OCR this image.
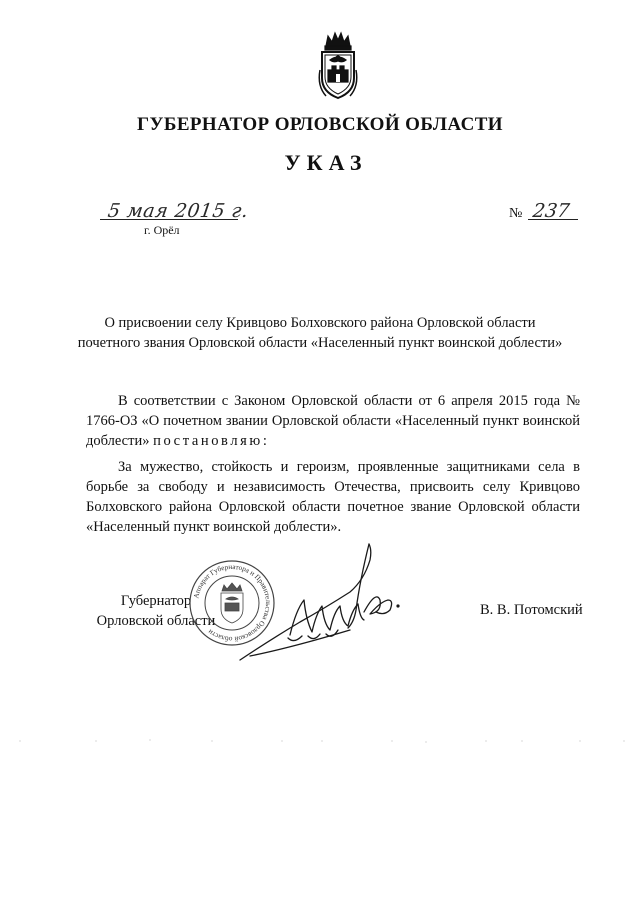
ГУБЕРНАТОР ОРЛОВСКОЙ ОБЛАСТИ
УКАЗ
5 мая 2015 г.
г. Орёл
№ 237
О присвоении селу Кривцово Болховского района Орловской области
почетного звания Орловской области «Населенный пункт воинской доблести»
В соответствии с Законом Орловской области от 6 апреля 2015 года № 1766-ОЗ «О почетном звании Орловской области «Населенный пункт воинской доблести» постановляю:
За мужество, стойкость и героизм, проявленные защитниками села в борьбе за свободу и независимость Отечества, присвоить селу Кривцово Болховского района Орловской области почетное звание Орловской области «Населенный пункт воинской доблести».
Губернатор
Орловской области
Аппарат Губернатора и Правительства Орловской области
В. В. Потомский
